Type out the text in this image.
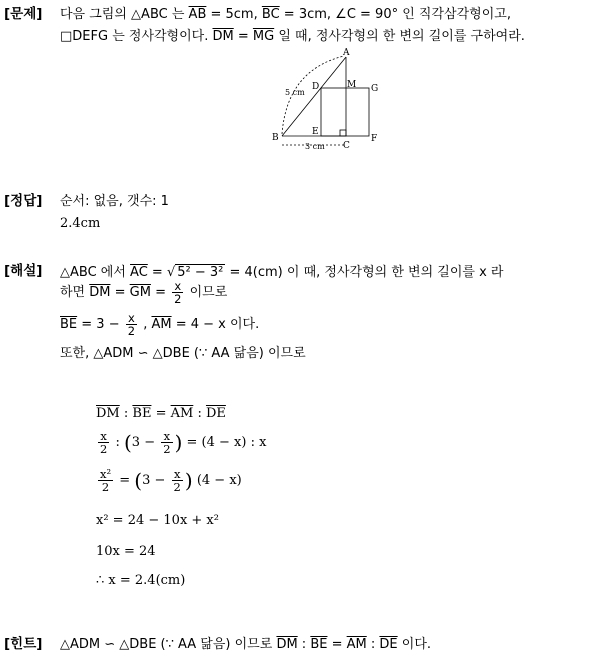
[문제] 다음 그림의 △ABC 는 $\overline{AB} = 5cm$, $\overline{BC} = 3cm$, ∠C = 90° 인 직각삼각형이고,
□DEFG 는 정사각형이다. $\overline{DM} = \overline{MG}$ 일 때, 정사각형의 한 변의 길이를 구하여라.
A
B
C
D
E
F
G
M
5 cm
3 cm
[정답] 순서: 없음, 갯수: 1
2.4cm
[해설] △ABC 에서 $\overline{AC}$ = √ 5² − 3² = 4(cm) 이 때, 정사각형의 한 변의 길이를 x 라
하면 $\overline{DM} = \overline{GM} = \frac{x}{2}$ 이므로
$\overline{BE} = 3 - \frac{x}{2}$ , $\overline{AM} = 4 - x$ 이다.
또한, △ADM ∽ △DBE (∵ AA 닮음) 이므로
$\overline{DM}$ : $\overline{BE} = \overline{AM}$ : $\overline{DE}$
$\frac{x}{2}$ : ($3 - \frac{x}{2}$ ) = (4 − x) : x
$\frac{\text{x²}}{2} = (3 - \frac{x}{2}$ ) (4 − x)
x² = 24 − 10x + x²
10x = 24
∴ x = 2.4(cm)
[힌트] △ADM ∽ △DBE (∵ AA 닮음) 이므로 $\overline{DM}$ : $\overline{BE} = \overline{AM}$ : $\overline{DE}$ 이다.
